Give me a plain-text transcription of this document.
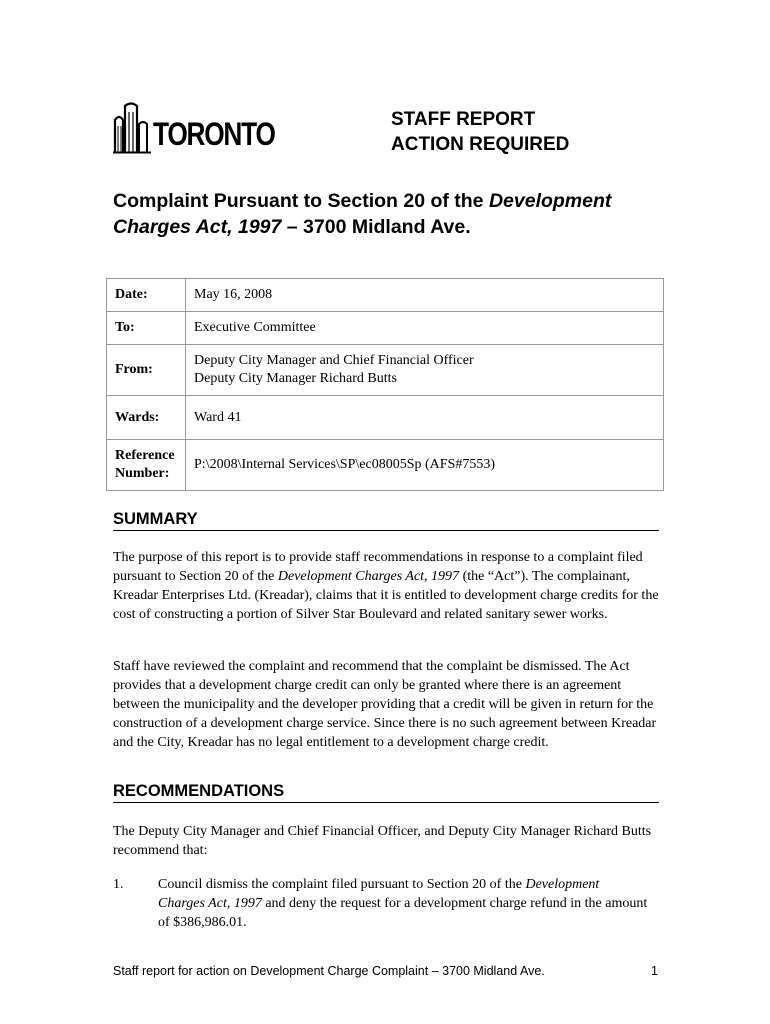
TORONTO	STAFF REPORT
ACTION REQUIRED
Complaint Pursuant to Section 20 of the Development Charges Act, 1997 – 3700 Midland Ave.
Date:	May 16, 2008
To:	Executive Committee
From:	Deputy City Manager and Chief Financial Officer
Deputy City Manager Richard Butts

Wards:	Ward 41

Reference
Number:	P:\2008\Internal Services\SP\ec08005Sp (AFS#7553)
SUMMARY
The purpose of this report is to provide staff recommendations in response to a complaint filed pursuant to Section 20 of the Development Charges Act, 1997 (the “Act”). The complainant, Kreadar Enterprises Ltd. (Kreadar), claims that it is entitled to development charge credits for the cost of constructing a portion of Silver Star Boulevard and related sanitary sewer works.
Staff have reviewed the complaint and recommend that the complaint be dismissed. The Act provides that a development charge credit can only be granted where there is an agreement between the municipality and the developer providing that a credit will be given in return for the construction of a development charge service. Since there is no such agreement between Kreadar and the City, Kreadar has no legal entitlement to a development charge credit.
RECOMMENDATIONS
The Deputy City Manager and Chief Financial Officer, and Deputy City Manager Richard Butts recommend that:
1. Council dismiss the complaint filed pursuant to Section 20 of the Development Charges Act, 1997 and deny the request for a development charge refund in the amount of $386,986.01.
Staff report for action on Development Charge Complaint – 3700 Midland Ave.	1
